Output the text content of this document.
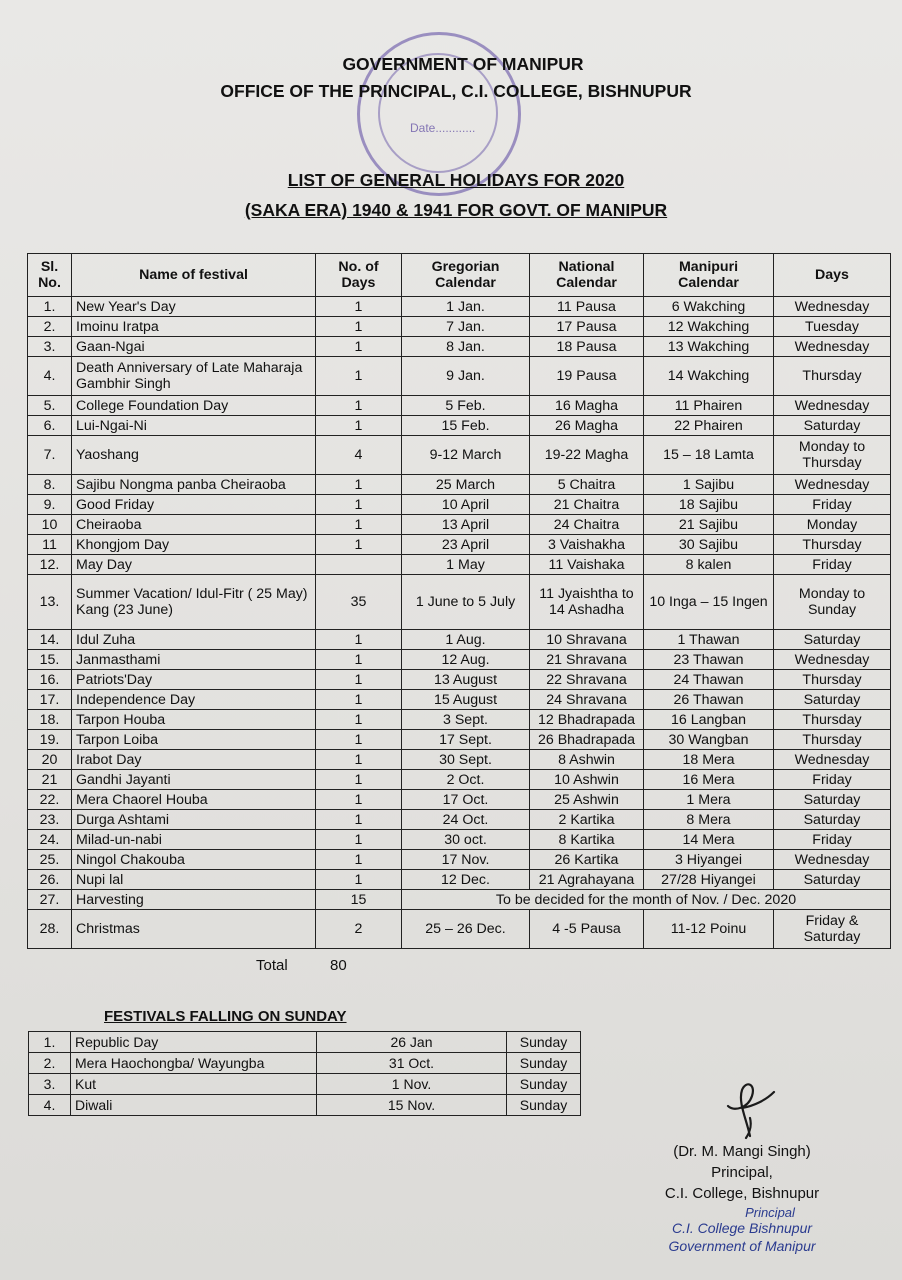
Date............
GOVERNMENT OF MANIPUR
OFFICE OF THE PRINCIPAL, C.I. COLLEGE, BISHNUPUR
LIST OF GENERAL HOLIDAYS FOR 2020
(SAKA ERA) 1940 & 1941 FOR GOVT. OF MANIPUR
Sl. No.	Name of festival	No. of Days	Gregorian Calendar	National Calendar	Manipuri Calendar	Days
1.	New Year's Day	1	1 Jan.	11 Pausa	6 Wakching	Wednesday
2.	Imoinu Iratpa	1	7 Jan.	17 Pausa	12 Wakching	Tuesday
3.	Gaan-Ngai	1	8 Jan.	18 Pausa	13 Wakching	Wednesday
4.	Death Anniversary of Late Maharaja Gambhir Singh	1	9 Jan.	19 Pausa	14 Wakching	Thursday
5.	College Foundation Day	1	5 Feb.	16 Magha	11 Phairen	Wednesday
6.	Lui-Ngai-Ni	1	15 Feb.	26 Magha	22 Phairen	Saturday
7.	Yaoshang	4	9-12 March	19-22 Magha	15 – 18 Lamta	Monday to Thursday
8.	Sajibu Nongma panba Cheiraoba	1	25 March	5 Chaitra	1 Sajibu	Wednesday
9.	Good Friday	1	10 April	21 Chaitra	18 Sajibu	Friday
10	Cheiraoba	1	13 April	24 Chaitra	21 Sajibu	Monday
11	Khongjom Day	1	23 April	3 Vaishakha	30 Sajibu	Thursday
12.	May Day		1 May	11 Vaishaka	8 kalen	Friday
13.	Summer Vacation/ Idul-Fitr ( 25 May) Kang (23 June)	35	1 June to 5 July	11 Jyaishtha to 14 Ashadha	10 Inga – 15 Ingen	Monday to Sunday
14.	Idul Zuha	1	1 Aug.	10 Shravana	1 Thawan	Saturday
15.	Janmasthami	1	12 Aug.	21 Shravana	23 Thawan	Wednesday
16.	Patriots'Day	1	13 August	22 Shravana	24 Thawan	Thursday
17.	Independence Day	1	15 August	24 Shravana	26 Thawan	Saturday
18.	Tarpon Houba	1	3 Sept.	12 Bhadrapada	16 Langban	Thursday
19.	Tarpon Loiba	1	17 Sept.	26 Bhadrapada	30 Wangban	Thursday
20	Irabot Day	1	30 Sept.	8 Ashwin	18 Mera	Wednesday
21	Gandhi Jayanti	1	2 Oct.	10 Ashwin	16 Mera	Friday
22.	Mera Chaorel Houba	1	17 Oct.	25 Ashwin	1 Mera	Saturday
23.	Durga Ashtami	1	24 Oct.	2 Kartika	8 Mera	Saturday
24.	Milad-un-nabi	1	30 oct.	8 Kartika	14 Mera	Friday
25.	Ningol Chakouba	1	17 Nov.	26 Kartika	3 Hiyangei	Wednesday
26.	Nupi lal	1	12 Dec.	21 Agrahayana	27/28 Hiyangei	Saturday
27.	Harvesting	15	To be decided for the month of Nov. / Dec. 2020			
28.	Christmas	2	25 – 26 Dec.	4 -5 Pausa	11-12 Poinu	Friday & Saturday
Total	80
FESTIVALS FALLING ON SUNDAY
1.	Republic Day	26 Jan	Sunday
2.	Mera Haochongba/ Wayungba	31 Oct.	Sunday
3.	Kut	1 Nov.	Sunday
4.	Diwali	15 Nov.	Sunday
(Dr. M. Mangi Singh)
Principal,
C.I. College, Bishnupur
Principal
C.I. College Bishnupur
Government of Manipur
